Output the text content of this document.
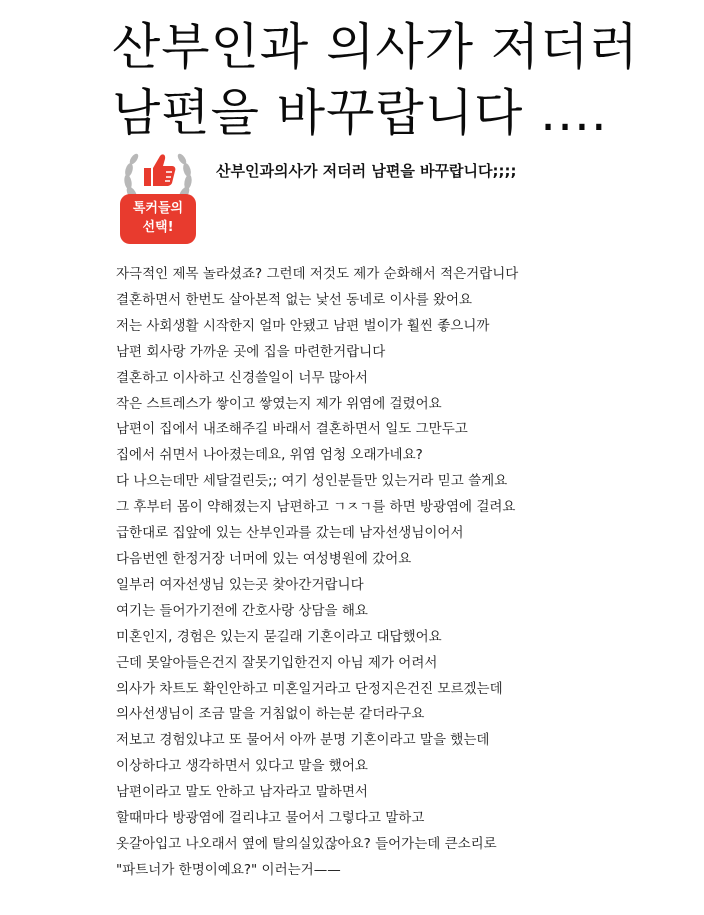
산부인과 의사가 저더러
남편을 바꾸랍니다 ....
톡커들의
선택!
산부인과의사가 저더러 남편을 바꾸랍니다;;;;

자극적인 제목 놀라셨죠? 그런데 저것도 제가 순화해서 적은거랍니다

결혼하면서 한번도 살아본적 없는 낯선 동네로 이사를 왔어요

저는 사회생활 시작한지 얼마 안됐고 남편 벌이가 훨씬 좋으니까

남편 회사랑 가까운 곳에 집을 마련한거랍니다

결혼하고 이사하고 신경쓸일이 너무 많아서

작은 스트레스가 쌓이고 쌓였는지 제가 위염에 걸렸어요

남편이 집에서 내조해주길 바래서 결혼하면서 일도 그만두고

집에서 쉬면서 나아졌는데요, 위염 엄청 오래가네요?

다 나으는데만 세달걸린듯;; 여기 성인분들만 있는거라 믿고 쓸게요

그 후부터 몸이 약해졌는지 남편하고 ㄱㅈㄱ를 하면 방광염에 걸려요

급한대로 집앞에 있는 산부인과를 갔는데 남자선생님이어서

다음번엔 한정거장 너머에 있는 여성병원에 갔어요

일부러 여자선생님 있는곳 찾아간거랍니다

여기는 들어가기전에 간호사랑 상담을 해요

미혼인지, 경험은 있는지 묻길래 기혼이라고 대답했어요

근데 못알아들은건지 잘못기입한건지 아님 제가 어려서

의사가 차트도 확인안하고 미혼일거라고 단정지은건진 모르겠는데

의사선생님이 조금 말을 거침없이 하는분 같더라구요

저보고 경험있냐고 또 물어서 아까 분명 기혼이라고 말을 했는데

이상하다고 생각하면서 있다고 말을 했어요

남편이라고 말도 안하고 남자라고 말하면서

할때마다 방광염에 걸리냐고 물어서 그렇다고 말하고

옷갈아입고 나오래서 옆에 탈의실있잖아요? 들어가는데 큰소리로

"파트너가 한명이예요?" 이러는거——
